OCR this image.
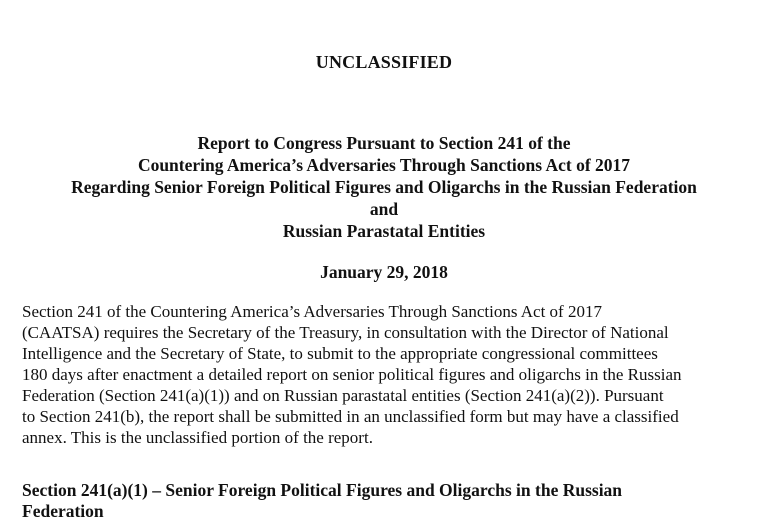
UNCLASSIFIED
Report to Congress Pursuant to Section 241 of the
Countering America’s Adversaries Through Sanctions Act of 2017
Regarding Senior Foreign Political Figures and Oligarchs in the Russian Federation
and
Russian Parastatal Entities
January 29, 2018
Section 241 of the Countering America’s Adversaries Through Sanctions Act of 2017
(CAATSA) requires the Secretary of the Treasury, in consultation with the Director of National
Intelligence and the Secretary of State, to submit to the appropriate congressional committees
180 days after enactment a detailed report on senior political figures and oligarchs in the Russian
Federation (Section 241(a)(1)) and on Russian parastatal entities (Section 241(a)(2)). Pursuant
to Section 241(b), the report shall be submitted in an unclassified form but may have a classified
annex. This is the unclassified portion of the report.
Section 241(a)(1) – Senior Foreign Political Figures and Oligarchs in the Russian
Federation
